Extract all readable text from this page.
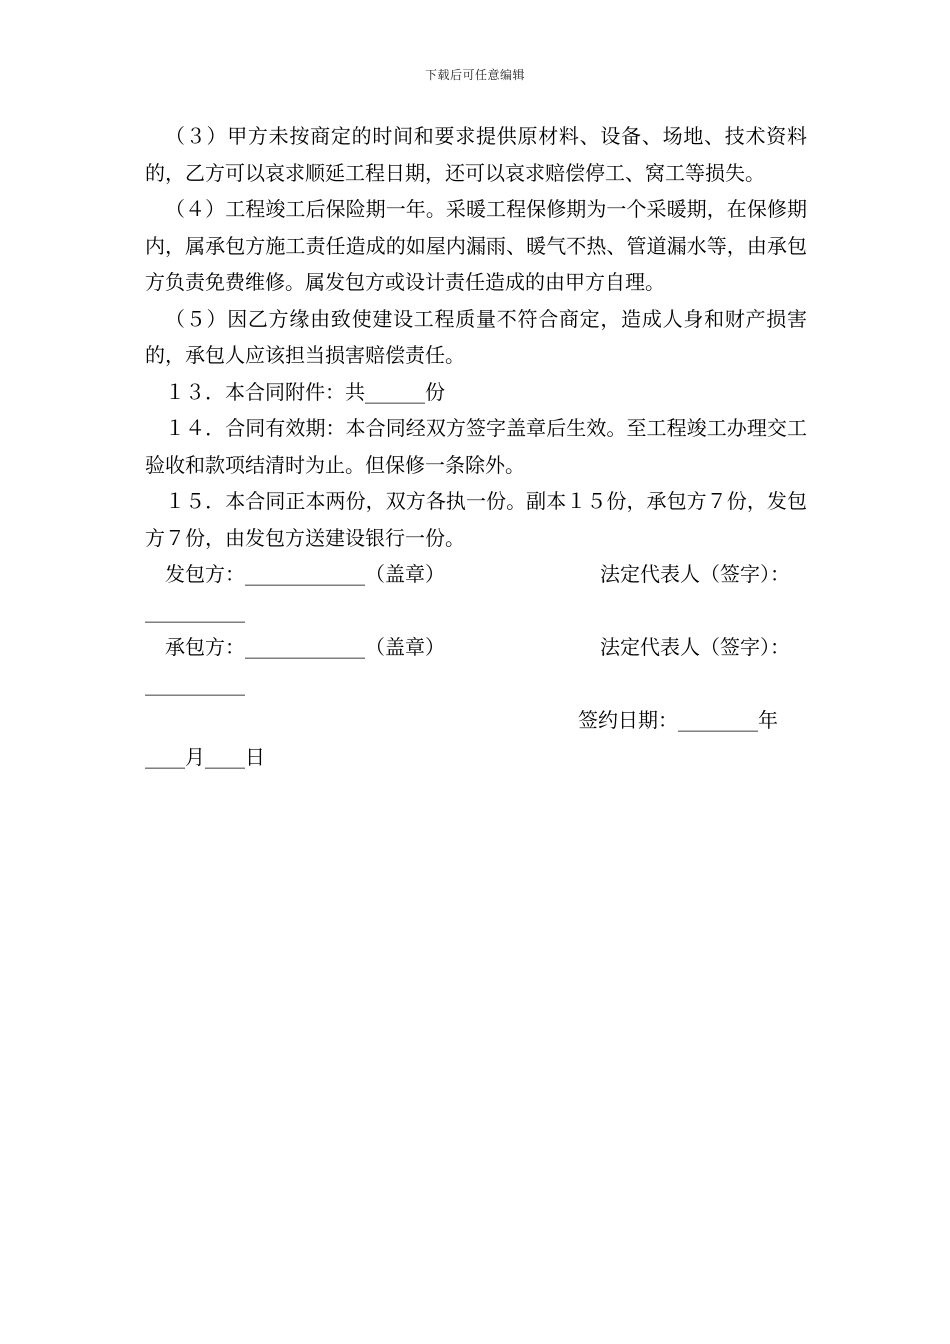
下载后可任意编辑

（３）甲方未按商定的时间和要求提供原材料、设备、场地、技术资料的，乙方可以哀求顺延工程日期，还可以哀求赔偿停工、窝工等损失。

（４）工程竣工后保险期一年。采暖工程保修期为一个采暖期，在保修期内，属承包方施工责任造成的如屋内漏雨、暖气不热、管道漏水等，由承包方负责免费维修。属发包方或设计责任造成的由甲方自理。

（５）因乙方缘由致使建设工程质量不符合商定，造成人身和财产损害的，承包人应该担当损害赔偿责任。

１３．本合同附件：共______份

１４．合同有效期：本合同经双方签字盖章后生效。至工程竣工办理交工验收和款项结清时为止。但保修一条除外。

１５．本合同正本两份，双方各执一份。副本１５份，承包方７份，发包方７份，由发包方送建设银行一份。

发包方：____________（盖章）	法定代表人（签字）：
__________
承包方：____________（盖章）	法定代表人（签字）：
__________
签约日期：________年
____月____日
